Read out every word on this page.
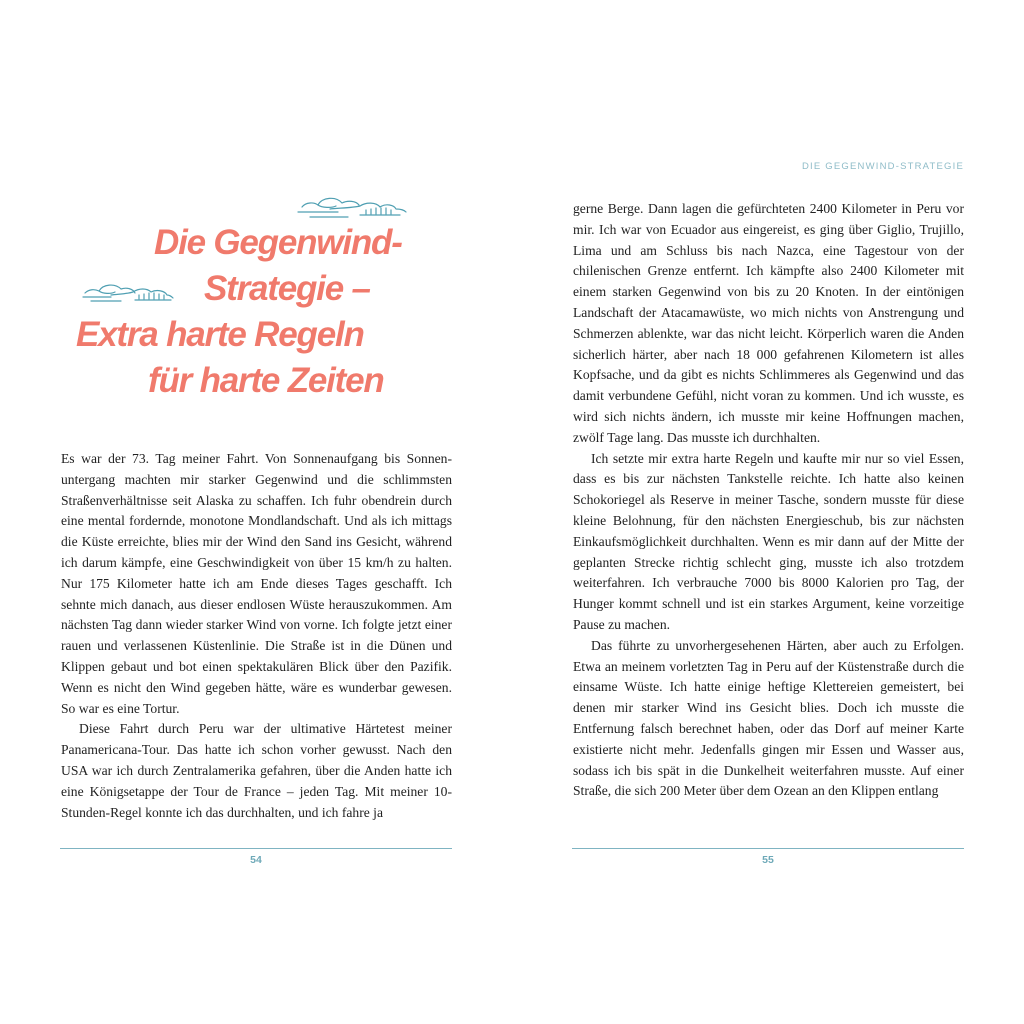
Die Gegenwind-
Strategie –
Extra harte Regeln
für harte Zeiten

Es war der 73. Tag meiner Fahrt. Von Sonnenaufgang bis Sonnenuntergang machten mir starker Gegenwind und die schlimmsten Straßenverhältnisse seit Alaska zu schaffen. Ich fuhr obendrein durch eine mental fordernde, monotone Mondlandschaft. Und als ich mittags die Küste erreichte, blies mir der Wind den Sand ins Gesicht, während ich darum kämpfe, eine Geschwindigkeit von über 15 km/h zu halten. Nur 175 Kilometer hatte ich am Ende dieses Tages geschafft. Ich sehnte mich danach, aus dieser endlosen Wüste herauszukommen. Am nächsten Tag dann wieder starker Wind von vorne. Ich folgte jetzt einer rauen und verlassenen Küstenlinie. Die Straße ist in die Dünen und Klippen gebaut und bot einen spektakulären Blick über den Pazifik. Wenn es nicht den Wind gegeben hätte, wäre es wunderbar gewesen. So war es eine Tortur.

Diese Fahrt durch Peru war der ultimative Härtetest meiner Panamericana-Tour. Das hatte ich schon vorher gewusst. Nach den USA war ich durch Zentralamerika gefahren, über die Anden hatte ich eine Königsetappe der Tour de France – jeden Tag. Mit meiner 10-Stunden-Regel konnte ich das durchhalten, und ich fahre ja

54
DIE GEGENWIND-STRATEGIE

gerne Berge. Dann lagen die gefürchteten 2400 Kilometer in Peru vor mir. Ich war von Ecuador aus eingereist, es ging über Giglio, Trujillo, Lima und am Schluss bis nach Nazca, eine Tagestour von der chilenischen Grenze entfernt. Ich kämpfte also 2400 Kilometer mit einem starken Gegenwind von bis zu 20 Knoten. In der eintönigen Landschaft der Atacamawüste, wo mich nichts von Anstrengung und Schmerzen ablenkte, war das nicht leicht. Körperlich waren die Anden sicherlich härter, aber nach 18 000 gefahrenen Kilometern ist alles Kopfsache, und da gibt es nichts Schlimmeres als Gegenwind und das damit verbundene Gefühl, nicht voran zu kommen. Und ich wusste, es wird sich nichts ändern, ich musste mir keine Hoffnungen machen, zwölf Tage lang. Das musste ich durchhalten.

Ich setzte mir extra harte Regeln und kaufte mir nur so viel Essen, dass es bis zur nächsten Tankstelle reichte. Ich hatte also keinen Schokoriegel als Reserve in meiner Tasche, sondern musste für diese kleine Belohnung, für den nächsten Energieschub, bis zur nächsten Einkaufsmöglichkeit durchhalten. Wenn es mir dann auf der Mitte der geplanten Strecke richtig schlecht ging, musste ich also trotzdem weiterfahren. Ich verbrauche 7000 bis 8000 Kalorien pro Tag, der Hunger kommt schnell und ist ein starkes Argument, keine vorzeitige Pause zu machen.

Das führte zu unvorhergesehenen Härten, aber auch zu Erfolgen. Etwa an meinem vorletzten Tag in Peru auf der Küstenstraße durch die einsame Wüste. Ich hatte einige heftige Klettereien gemeistert, bei denen mir starker Wind ins Gesicht blies. Doch ich musste die Entfernung falsch berechnet haben, oder das Dorf auf meiner Karte existierte nicht mehr. Jedenfalls gingen mir Essen und Wasser aus, sodass ich bis spät in die Dunkelheit weiterfahren musste. Auf einer Straße, die sich 200 Meter über dem Ozean an den Klippen entlang

55
